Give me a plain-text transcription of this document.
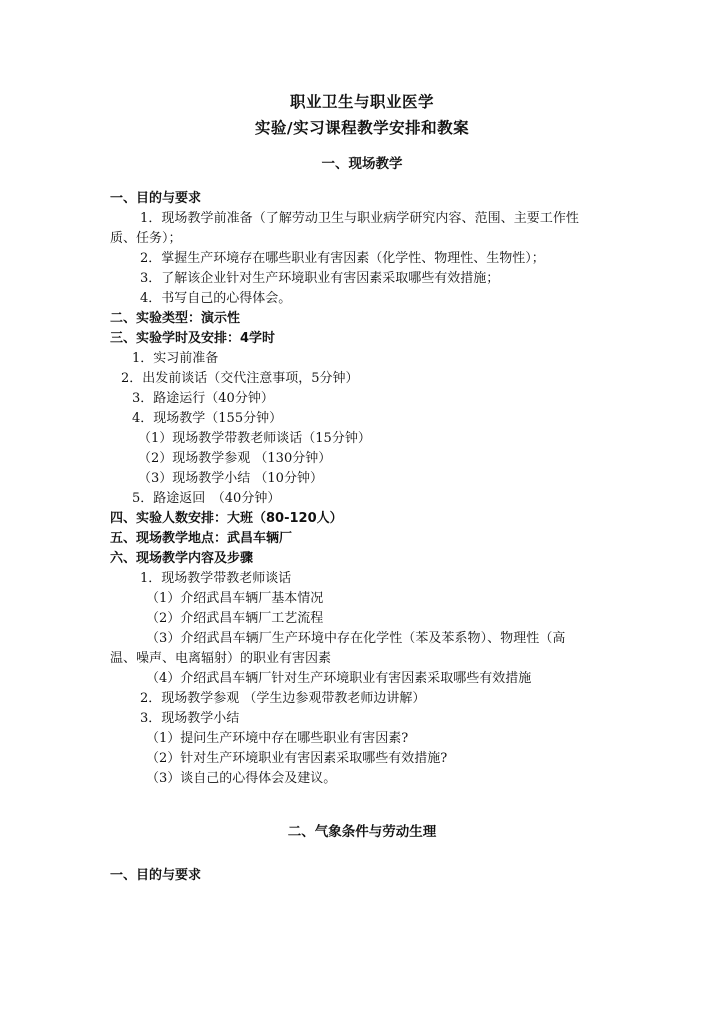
职业卫生与职业医学
实验/实习课程教学安排和教案
一、现场教学
一、目的与要求
1．现场教学前准备（了解劳动卫生与职业病学研究内容、范围、主要工作性
质、任务）；
2．掌握生产环境存在哪些职业有害因素（化学性、物理性、生物性）；
3．了解该企业针对生产环境职业有害因素采取哪些有效措施；
4．书写自己的心得体会。
二、实验类型：演示性
三、实验学时及安排：4学时
1．实习前准备
2．出发前谈话（交代注意事项，5分钟）
3．路途运行（40分钟）
4．现场教学（155分钟）
（1）现场教学带教老师谈话（15分钟）
（2）现场教学参观 （130分钟）
（3）现场教学小结 （10分钟）
5．路途返回　（40分钟）
四、实验人数安排：大班（80-120人）
五、现场教学地点：武昌车辆厂
六、现场教学内容及步骤
1．现场教学带教老师谈话
（1）介绍武昌车辆厂基本情况
（2）介绍武昌车辆厂工艺流程
（3）介绍武昌车辆厂生产环境中存在化学性（苯及苯系物）、物理性（高
温、噪声、电离辐射）的职业有害因素
（4）介绍武昌车辆厂针对生产环境职业有害因素采取哪些有效措施
2．现场教学参观 （学生边参观带教老师边讲解）
3．现场教学小结
（1）提问生产环境中存在哪些职业有害因素?
（2）针对生产环境职业有害因素采取哪些有效措施?
（3）谈自己的心得体会及建议。
二、气象条件与劳动生理
一、目的与要求
